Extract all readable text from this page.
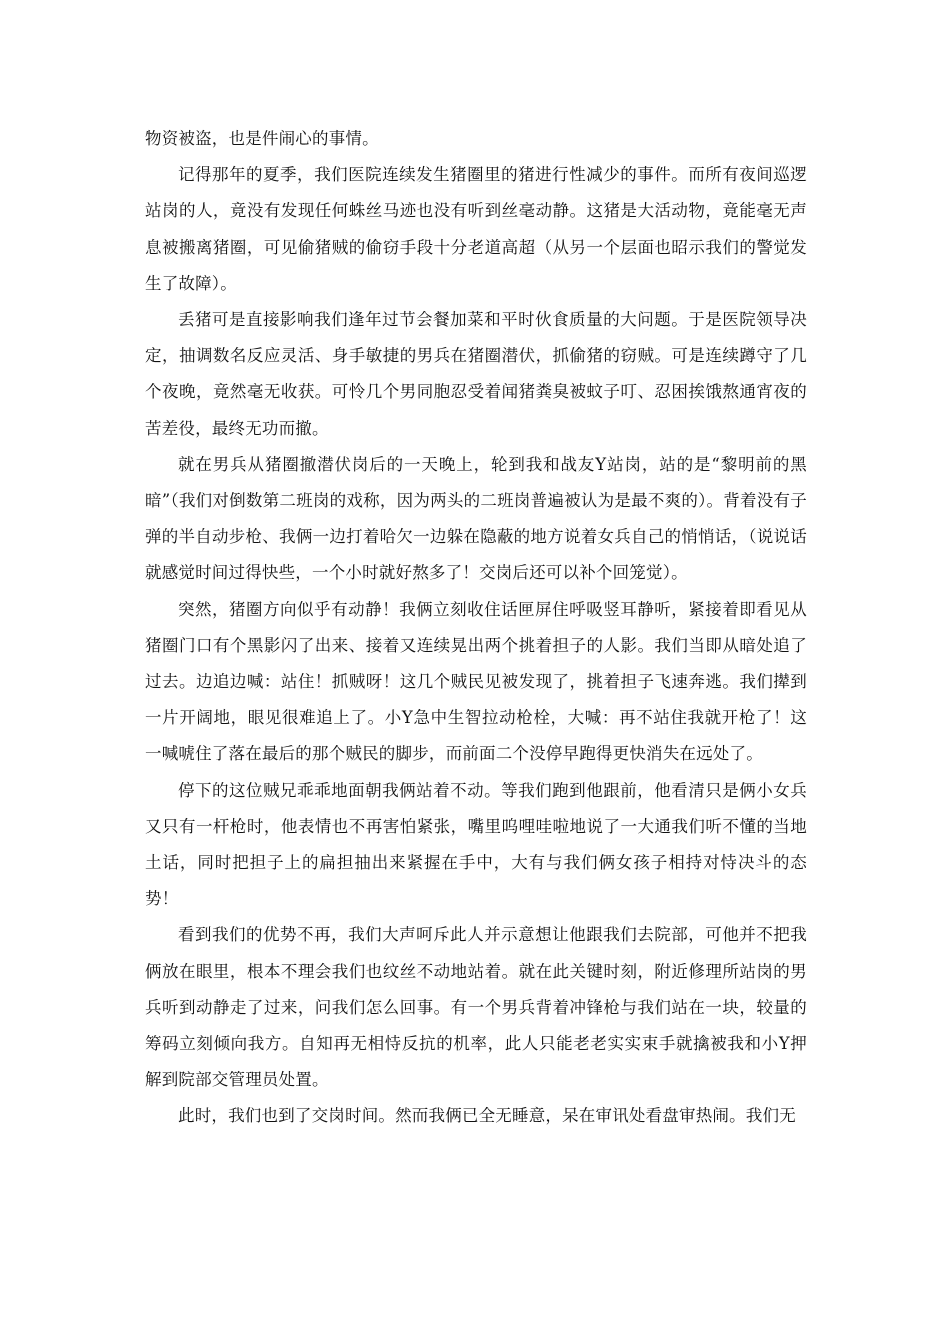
物资被盗，也是件闹心的事情。

记得那年的夏季，我们医院连续发生猪圈里的猪进行性减少的事件。而所有夜间巡逻站岗的人，竟没有发现任何蛛丝马迹也没有听到丝毫动静。这猪是大活动物，竟能毫无声息被搬离猪圈，可见偷猪贼的偷窃手段十分老道高超（从另一个层面也昭示我们的警觉发生了故障）。

丢猪可是直接影响我们逢年过节会餐加菜和平时伙食质量的大问题。于是医院领导决定，抽调数名反应灵活、身手敏捷的男兵在猪圈潜伏，抓偷猪的窃贼。可是连续蹲守了几个夜晚，竟然毫无收获。可怜几个男同胞忍受着闻猪粪臭被蚊子叮、忍困挨饿熬通宵夜的苦差役，最终无功而撤。

就在男兵从猪圈撤潜伏岗后的一天晚上，轮到我和战友Y站岗，站的是“黎明前的黑暗”（我们对倒数第二班岗的戏称，因为两头的二班岗普遍被认为是最不爽的）。背着没有子弹的半自动步枪、我俩一边打着哈欠一边躲在隐蔽的地方说着女兵自己的悄悄话，（说说话就感觉时间过得快些，一个小时就好熬多了！交岗后还可以补个回笼觉）。

突然，猪圈方向似乎有动静！我俩立刻收住话匣屏住呼吸竖耳静听，紧接着即看见从猪圈门口有个黑影闪了出来、接着又连续晃出两个挑着担子的人影。我们当即从暗处追了过去。边追边喊：站住！抓贼呀！这几个贼民见被发现了，挑着担子飞速奔逃。我们撵到一片开阔地，眼见很难追上了。小Y急中生智拉动枪栓，大喊：再不站住我就开枪了！这一喊唬住了落在最后的那个贼民的脚步，而前面二个没停早跑得更快消失在远处了。

停下的这位贼兄乖乖地面朝我俩站着不动。等我们跑到他跟前，他看清只是俩小女兵又只有一杆枪时，他表情也不再害怕紧张，嘴里呜哩哇啦地说了一大通我们听不懂的当地土话，同时把担子上的扁担抽出来紧握在手中，大有与我们俩女孩子相持对恃决斗的态势！

看到我们的优势不再，我们大声呵斥此人并示意想让他跟我们去院部，可他并不把我俩放在眼里，根本不理会我们也纹丝不动地站着。就在此关键时刻，附近修理所站岗的男兵听到动静走了过来，问我们怎么回事。有一个男兵背着冲锋枪与我们站在一块，较量的筹码立刻倾向我方。自知再无相恃反抗的机率，此人只能老老实实束手就擒被我和小Y押解到院部交管理员处置。

此时，我们也到了交岗时间。然而我俩已全无睡意，呆在审讯处看盘审热闹。我们无
